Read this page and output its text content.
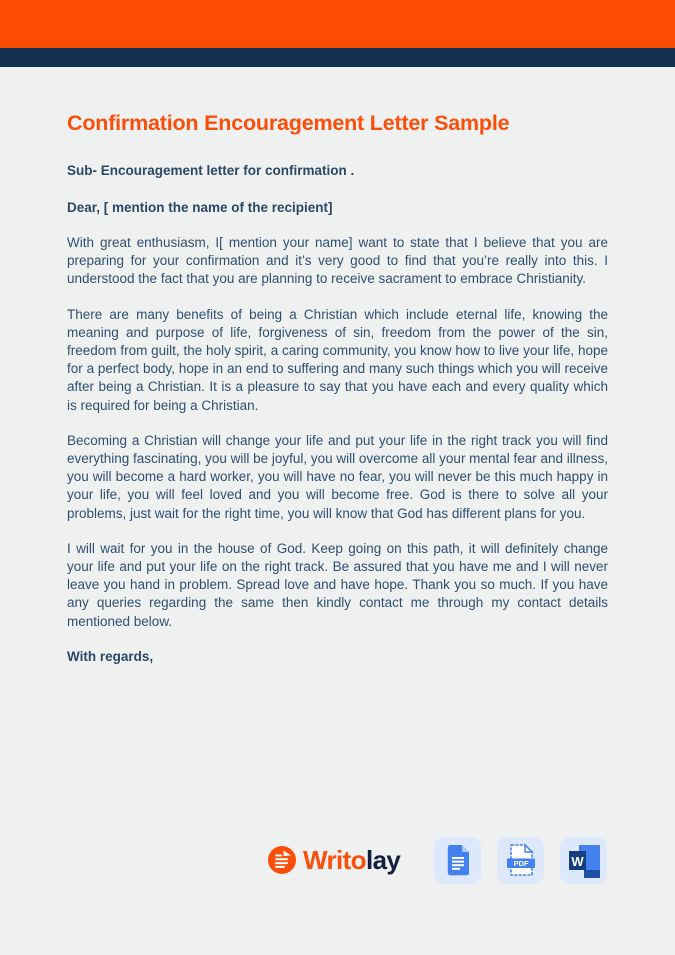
Confirmation Encouragement Letter Sample

Sub- Encouragement letter for confirmation .

Dear, [ mention the name of the recipient]

With great enthusiasm, I[ mention your name] want to state that I believe that you are preparing for your confirmation and it’s very good to find that you’re really into this. I understood the fact that you are planning to receive sacrament to embrace Christianity.

There are many benefits of being a Christian which include eternal life, knowing the meaning and purpose of life, forgiveness of sin, freedom from the power of the sin, freedom from guilt, the holy spirit, a caring community, you know how to live your life, hope for a perfect body, hope in an end to suffering and many such things which you will receive after being a Christian. It is a pleasure to say that you have each and every quality which is required for being a Christian.

Becoming a Christian will change your life and put your life in the right track you will find everything fascinating, you will be joyful, you will overcome all your mental fear and illness, you will become a hard worker, you will have no fear, you will never be this much happy in your life, you will feel loved and you will become free. God is there to solve all your problems, just wait for the right time, you will know that God has different plans for you.

I will wait for you in the house of God. Keep going on this path, it will definitely change your life and put your life on the right track. Be assured that you have me and I will never leave you hand in problem. Spread love and have hope. Thank you so much. If you have any queries regarding the same then kindly contact me through my contact details mentioned below.

With regards,

Writolay	PDF	W
